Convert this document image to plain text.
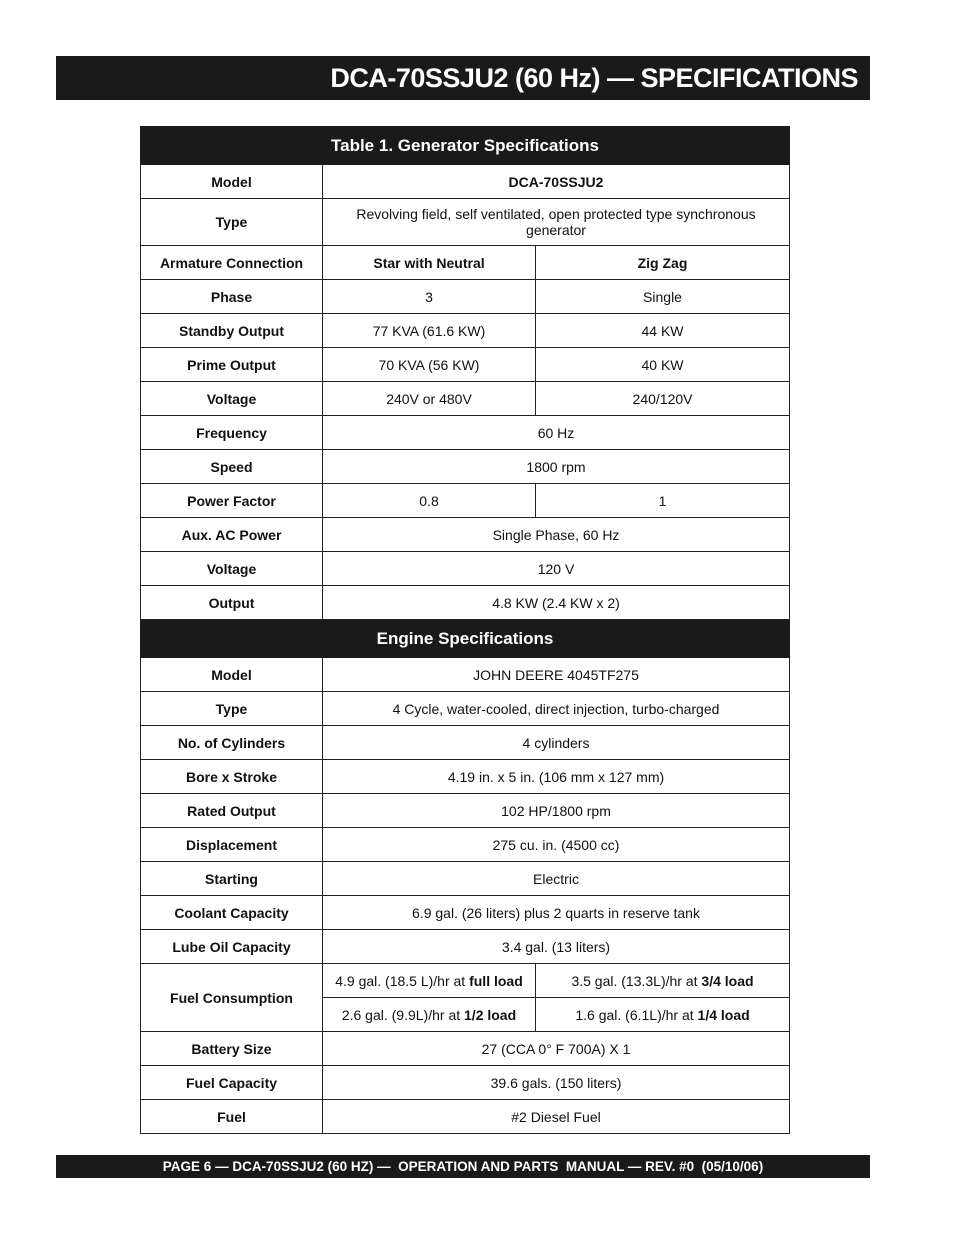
DCA-70SSJU2 (60 Hz) — SPECIFICATIONS
Table 1. Generator Specifications		
Model	DCA-70SSJU2	
Type	Revolving field, self ventilated, open protected type synchronous generator	
Armature Connection	Star with Neutral	Zig Zag
Phase	3	Single
Standby Output	77 KVA (61.6 KW)	44 KW
Prime Output	70 KVA (56 KW)	40 KW
Voltage	240V or 480V	240/120V
Frequency	60 Hz	
Speed	1800 rpm	
Power Factor	0.8	1
Aux. AC Power	Single Phase, 60 Hz	
Voltage	120 V	
Output	4.8 KW (2.4 KW x 2)	
Engine Specifications		
Model	JOHN DEERE 4045TF275	
Type	4 Cycle, water-cooled, direct injection, turbo-charged	
No. of Cylinders	4 cylinders	
Bore x Stroke	4.19 in. x 5 in. (106 mm x 127 mm)	
Rated Output	102 HP/1800 rpm	
Displacement	275 cu. in. (4500 cc)	
Starting	Electric	
Coolant Capacity	6.9 gal. (26 liters) plus 2 quarts in reserve tank	
Lube Oil Capacity	3.4 gal. (13 liters)	
Fuel Consumption	4.9 gal. (18.5 L)/hr at full load	3.5 gal. (13.3L)/hr at 3/4 load
	2.6 gal. (9.9L)/hr at 1/2 load	1.6 gal. (6.1L)/hr at 1/4 load
Battery Size	27 (CCA 0° F 700A) X 1	
Fuel Capacity	39.6 gals. (150 liters)	
Fuel	#2 Diesel Fuel	
PAGE 6 — DCA-70SSJU2 (60 HZ) —  OPERATION AND PARTS  MANUAL — REV. #0  (05/10/06)
